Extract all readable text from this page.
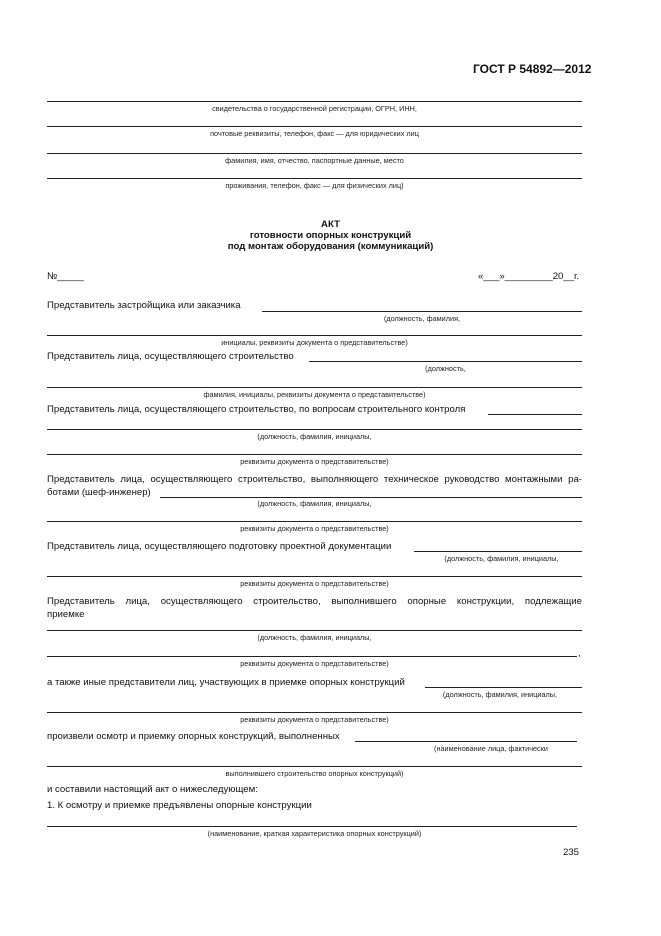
ГОСТ Р 54892—2012
свидетельства о государственной регистрации, ОГРН, ИНН,
почтовые реквизиты, телефон, факс — для юридических лиц
фамилия, имя, отчество, паспортные данные, место
проживания, телефон, факс — для физических лиц)
АКТ
готовности опорных конструкций
под монтаж оборудования (коммуникаций)
№_____	«___»_________20__г.
Представитель застройщика или заказчика
(должность, фамилия,
инициалы, реквизиты документа о представительстве)
Представитель лица, осуществляющего строительство
(должность,
фамилия, инициалы, реквизиты документа о представительстве)
Представитель лица, осуществляющего строительство, по вопросам строительного контроля
(должность, фамилия, инициалы,
реквизиты документа о представительстве)
Представитель лица, осуществляющего строительство, выполняющего техническое руководство монтажными ра-
ботами (шеф-инженер)
(должность, фамилия, инициалы,
реквизиты документа о представительстве)
Представитель лица, осуществляющего подготовку проектной документации
(должность, фамилия, инициалы,
реквизиты документа о представительстве)
Представитель лица, осуществляющего строительство, выполнившего опорные конструкции, подлежащие
приемке
(должность, фамилия, инициалы,
,
реквизиты документа о представительстве)
а также иные представители лиц, участвующих в приемке опорных конструкций
(должность, фамилия, инициалы,
реквизиты документа о представительстве)
произвели осмотр и приемку опорных конструкций, выполненных
(наименование лица, фактически
выполнившего строительство опорных конструкций)
и составили настоящий акт о нижеследующем:
1. К осмотру и приемке предъявлены опорные конструкции
(наименование, краткая характеристика опорных конструкций)
235
